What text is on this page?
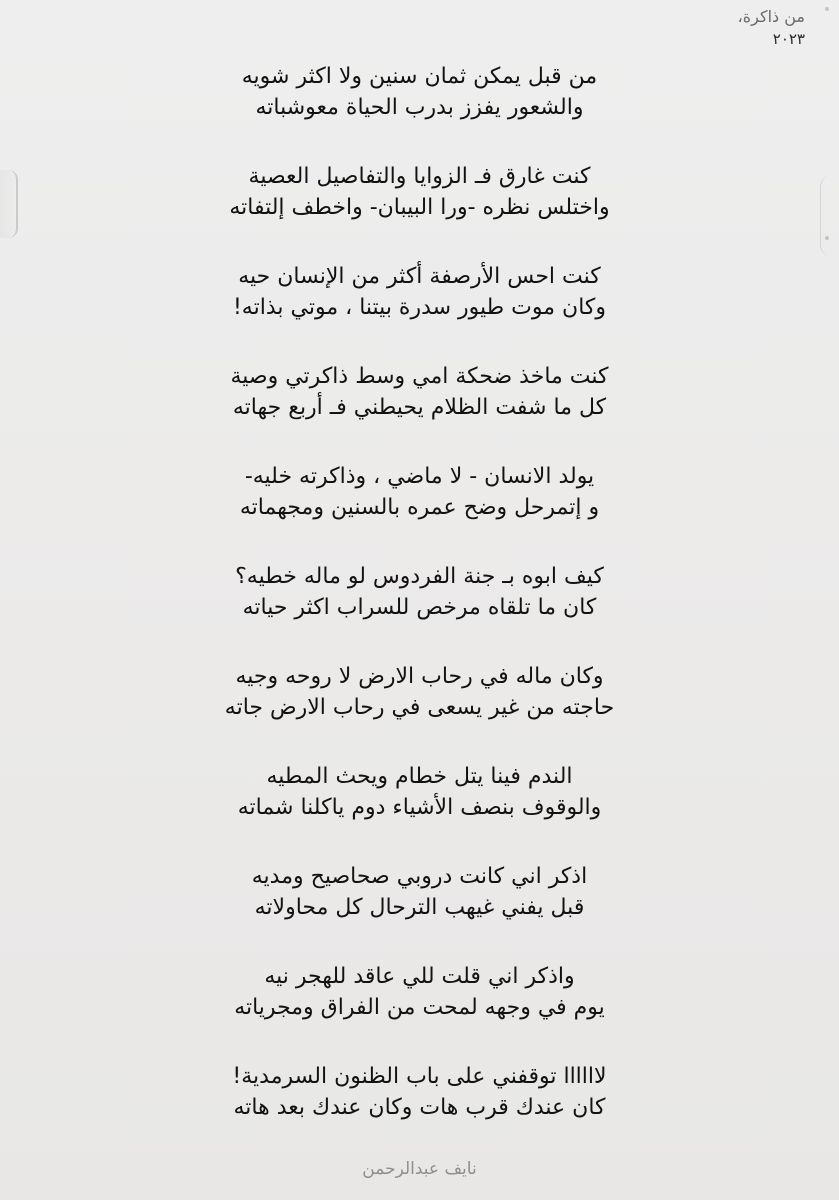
من ذاكرة،
٢٠٢٣
من قبل يمكن ثمان سنين ولا اكثر شويه
والشعور يفزز بدرب الحياة معوشباته
كنت غارق فـ الزوايا والتفاصيل العصية
واختلس نظره -ورا البيبان- واخطف إلتفاته
كنت احس الأرصفة أكثر من الإنسان حيه
وكان موت طيور سدرة بيتنا ، موتي بذاته!
كنت ماخذ ضحكة امي وسط ذاكرتي وصية
كل ما شفت الظلام يحيطني فـ أربع جهاته
يولد الانسان - لا ماضي ، وذاكرته خليه-
و إتمرحل وضح عمره بالسنين ومجهماته
كيف ابوه بـ جنة الفردوس لو ماله خطيه؟
كان ما تلقاه مرخص للسراب اكثر حياته
وكان ماله في رحاب الارض لا روحه وجيه
حاجته من غير يسعى في رحاب الارض جاته
الندم فينا يتل خطام ويحث المطيه
والوقوف بنصف الأشياء دوم ياكلنا شماته
اذكر اني كانت دروبي صحاصيح ومديه
قبل يفني غيهب الترحال كل محاولاته
واذكر اني قلت للي عاقد للهجر نيه
يوم في وجهه لمحت من الفراق ومجرياته
لاااااا توقفني على باب الظنون السرمدية!
كان عندك قرب هات وكان عندك بعد هاته
نايف عبدالرحمن
